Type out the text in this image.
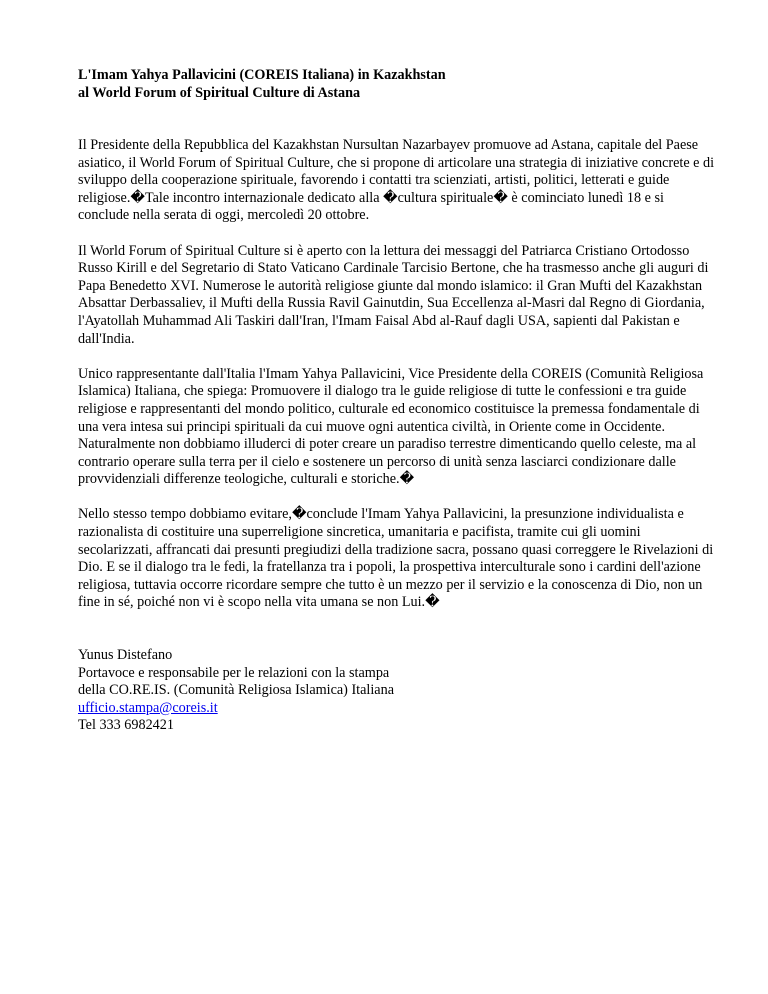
L'Imam Yahya Pallavicini (COREIS Italiana) in Kazakhstan
al World Forum of Spiritual Culture di Astana

Il Presidente della Repubblica del Kazakhstan Nursultan Nazarbayev promuove ad Astana, capitale del Paese asiatico, il World Forum of Spiritual Culture, che si propone di articolare una strategia di iniziative concrete e di sviluppo della cooperazione spirituale, favorendo i contatti tra scienziati, artisti, politici, letterati e guide religiose.�Tale incontro internazionale dedicato alla �cultura spirituale� è cominciato lunedì 18 e si conclude nella serata di oggi, mercoledì 20 ottobre.

Il World Forum of Spiritual Culture si è aperto con la lettura dei messaggi del Patriarca Cristiano Ortodosso Russo Kirill e del Segretario di Stato Vaticano Cardinale Tarcisio Bertone, che ha trasmesso anche gli auguri di Papa Benedetto XVI. Numerose le autorità religiose giunte dal mondo islamico: il Gran Mufti del Kazakhstan Absattar Derbassaliev, il Mufti della Russia Ravil Gainutdin, Sua Eccellenza al-Masri dal Regno di Giordania, l'Ayatollah Muhammad Ali Taskiri dall'Iran, l'Imam Faisal Abd al-Rauf dagli USA, sapienti dal Pakistan e dall'India.

Unico rappresentante dall'Italia l'Imam Yahya Pallavicini, Vice Presidente della COREIS (Comunità Religiosa Islamica) Italiana, che spiega: Promuovere il dialogo tra le guide religiose di tutte le confessioni e tra guide religiose e rappresentanti del mondo politico, culturale ed economico costituisce la premessa fondamentale di una vera intesa sui principi spirituali da cui muove ogni autentica civiltà, in Oriente come in Occidente. Naturalmente non dobbiamo illuderci di poter creare un paradiso terrestre dimenticando quello celeste, ma al contrario operare sulla terra per il cielo e sostenere un percorso di unità senza lasciarci condizionare dalle provvidenziali differenze teologiche, culturali e storiche.�

Nello stesso tempo dobbiamo evitare,�conclude l'Imam Yahya Pallavicini, la presunzione individualista e razionalista di costituire una superreligione sincretica, umanitaria e pacifista, tramite cui gli uomini secolarizzati, affrancati dai presunti pregiudizi della tradizione sacra, possano quasi correggere le Rivelazioni di Dio. E se il dialogo tra le fedi, la fratellanza tra i popoli, la prospettiva interculturale sono i cardini dell'azione religiosa, tuttavia occorre ricordare sempre che tutto è un mezzo per il servizio e la conoscenza di Dio, non un fine in sé, poiché non vi è scopo nella vita umana se non Lui.�

Yunus Distefano
Portavoce e responsabile per le relazioni con la stampa
della CO.RE.IS. (Comunità Religiosa Islamica) Italiana
ufficio.stampa@coreis.it
Tel 333 6982421
